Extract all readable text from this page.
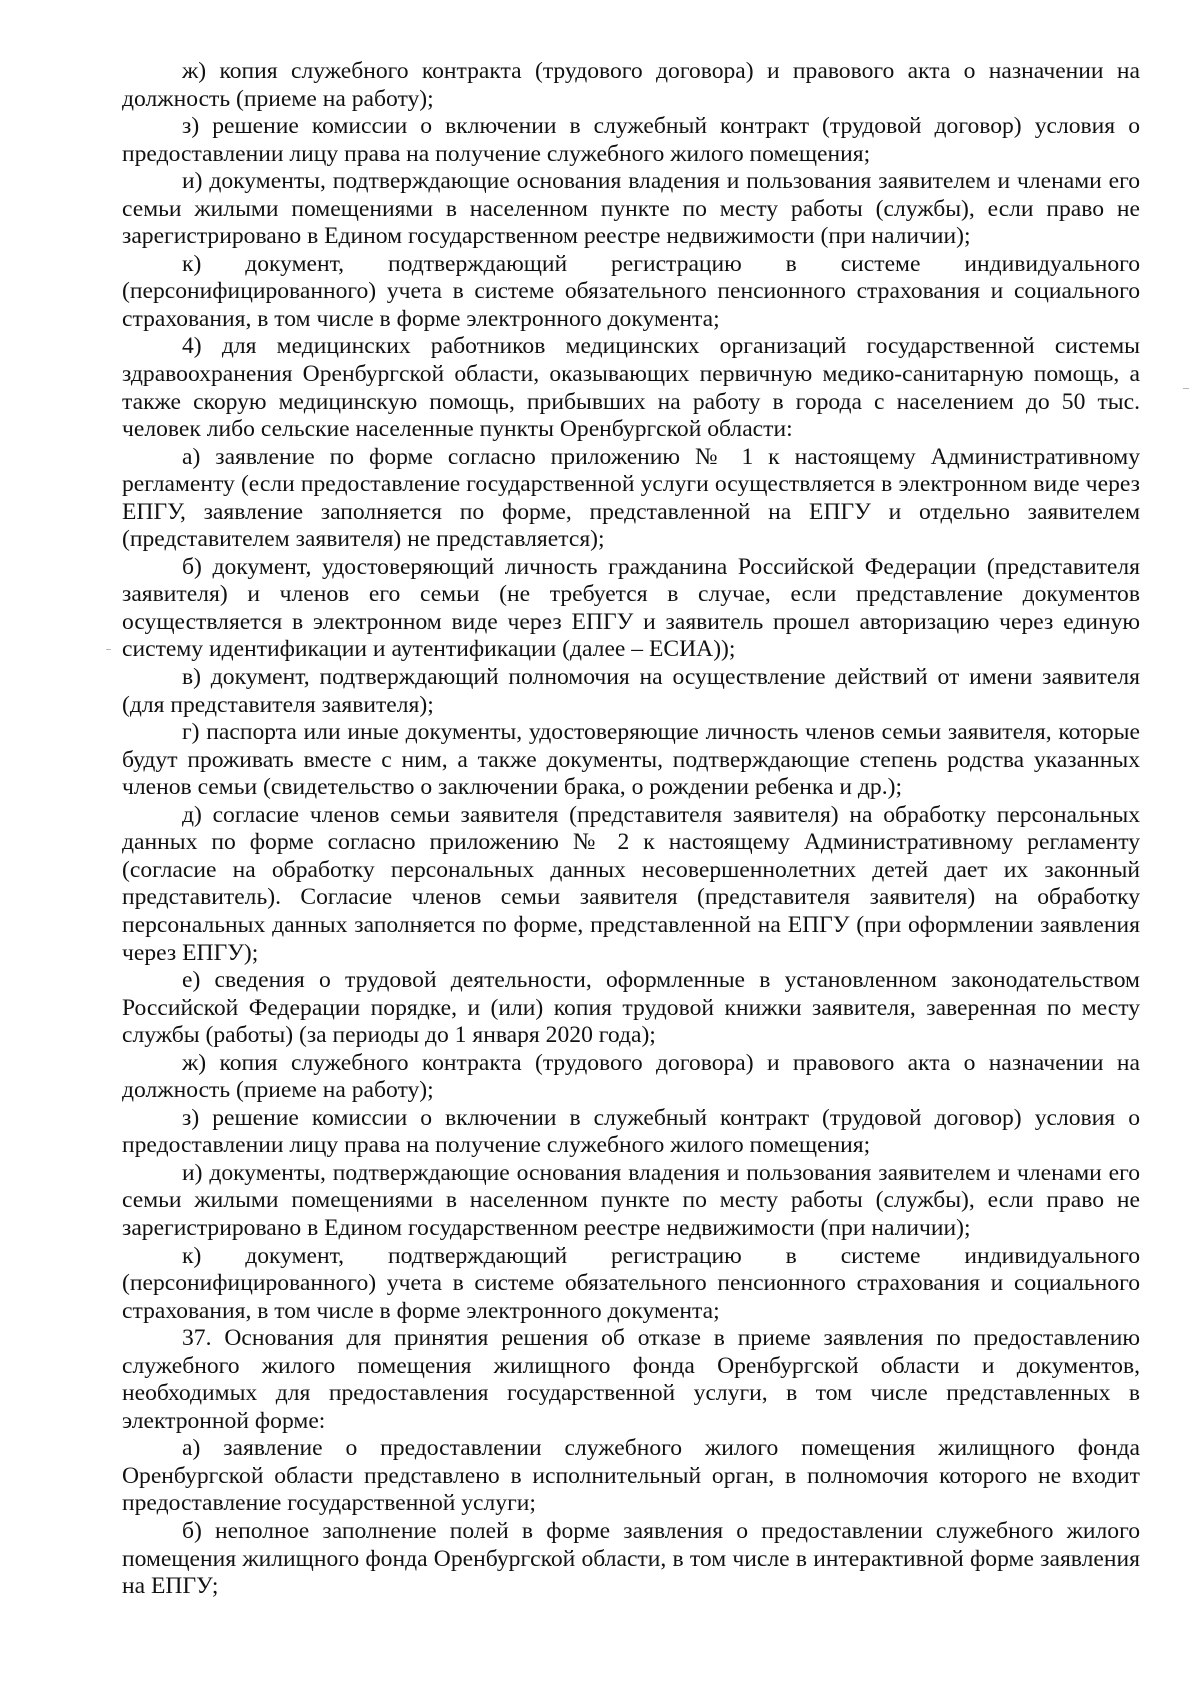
ж) копия служебного контракта (трудового договора) и правового акта о назначении на должность (приеме на работу);

з) решение комиссии о включении в служебный контракт (трудовой договор) условия о предоставлении лицу права на получение служебного жилого помещения;

и) документы, подтверждающие основания владения и пользования заявителем и членами его семьи жилыми помещениями в населенном пункте по месту работы (службы), если право не зарегистрировано в Едином государственном реестре недвижимости (при наличии);

к) документ, подтверждающий регистрацию в системе индивидуального (персонифицированного) учета в системе обязательного пенсионного страхования и социального страхования, в том числе в форме электронного документа;

4) для медицинских работников медицинских организаций государственной системы здравоохранения Оренбургской области, оказывающих первичную медико-санитарную помощь, а также скорую медицинскую помощь, прибывших на работу в города с населением до 50 тыс. человек либо сельские населенные пункты Оренбургской области:

а) заявление по форме согласно приложению № 1 к настоящему Административному регламенту (если предоставление государственной услуги осуществляется в электронном виде через ЕПГУ, заявление заполняется по форме, представленной на ЕПГУ и отдельно заявителем (представителем заявителя) не представляется);

б) документ, удостоверяющий личность гражданина Российской Федерации (представителя заявителя) и членов его семьи (не требуется в случае, если представление документов осуществляется в электронном виде через ЕПГУ и заявитель прошел авторизацию через единую систему идентификации и аутентификации (далее – ЕСИА));

в) документ, подтверждающий полномочия на осуществление действий от имени заявителя (для представителя заявителя);

г) паспорта или иные документы, удостоверяющие личность членов семьи заявителя, которые будут проживать вместе с ним, а также документы, подтверждающие степень родства указанных членов семьи (свидетельство о заключении брака, о рождении ребенка и др.);

д) согласие членов семьи заявителя (представителя заявителя) на обработку персональных данных по форме согласно приложению № 2 к настоящему Административному регламенту (согласие на обработку персональных данных несовершеннолетних детей дает их законный представитель). Согласие членов семьи заявителя (представителя заявителя) на обработку персональных данных заполняется по форме, представленной на ЕПГУ (при оформлении заявления через ЕПГУ);

е) сведения о трудовой деятельности, оформленные в установленном законодательством Российской Федерации порядке, и (или) копия трудовой книжки заявителя, заверенная по месту службы (работы) (за периоды до 1 января 2020 года);

ж) копия служебного контракта (трудового договора) и правового акта о назначении на должность (приеме на работу);

з) решение комиссии о включении в служебный контракт (трудовой договор) условия о предоставлении лицу права на получение служебного жилого помещения;

и) документы, подтверждающие основания владения и пользования заявителем и членами его семьи жилыми помещениями в населенном пункте по месту работы (службы), если право не зарегистрировано в Едином государственном реестре недвижимости (при наличии);

к) документ, подтверждающий регистрацию в системе индивидуального (персонифицированного) учета в системе обязательного пенсионного страхования и социального страхования, в том числе в форме электронного документа;

37. Основания для принятия решения об отказе в приеме заявления по предоставлению служебного жилого помещения жилищного фонда Оренбургской области и документов, необходимых для предоставления государственной услуги, в том числе представленных в электронной форме:

а) заявление о предоставлении служебного жилого помещения жилищного фонда Оренбургской области представлено в исполнительный орган, в полномочия которого не входит предоставление государственной услуги;

б) неполное заполнение полей в форме заявления о предоставлении служебного жилого помещения жилищного фонда Оренбургской области, в том числе в интерактивной форме заявления на ЕПГУ;
